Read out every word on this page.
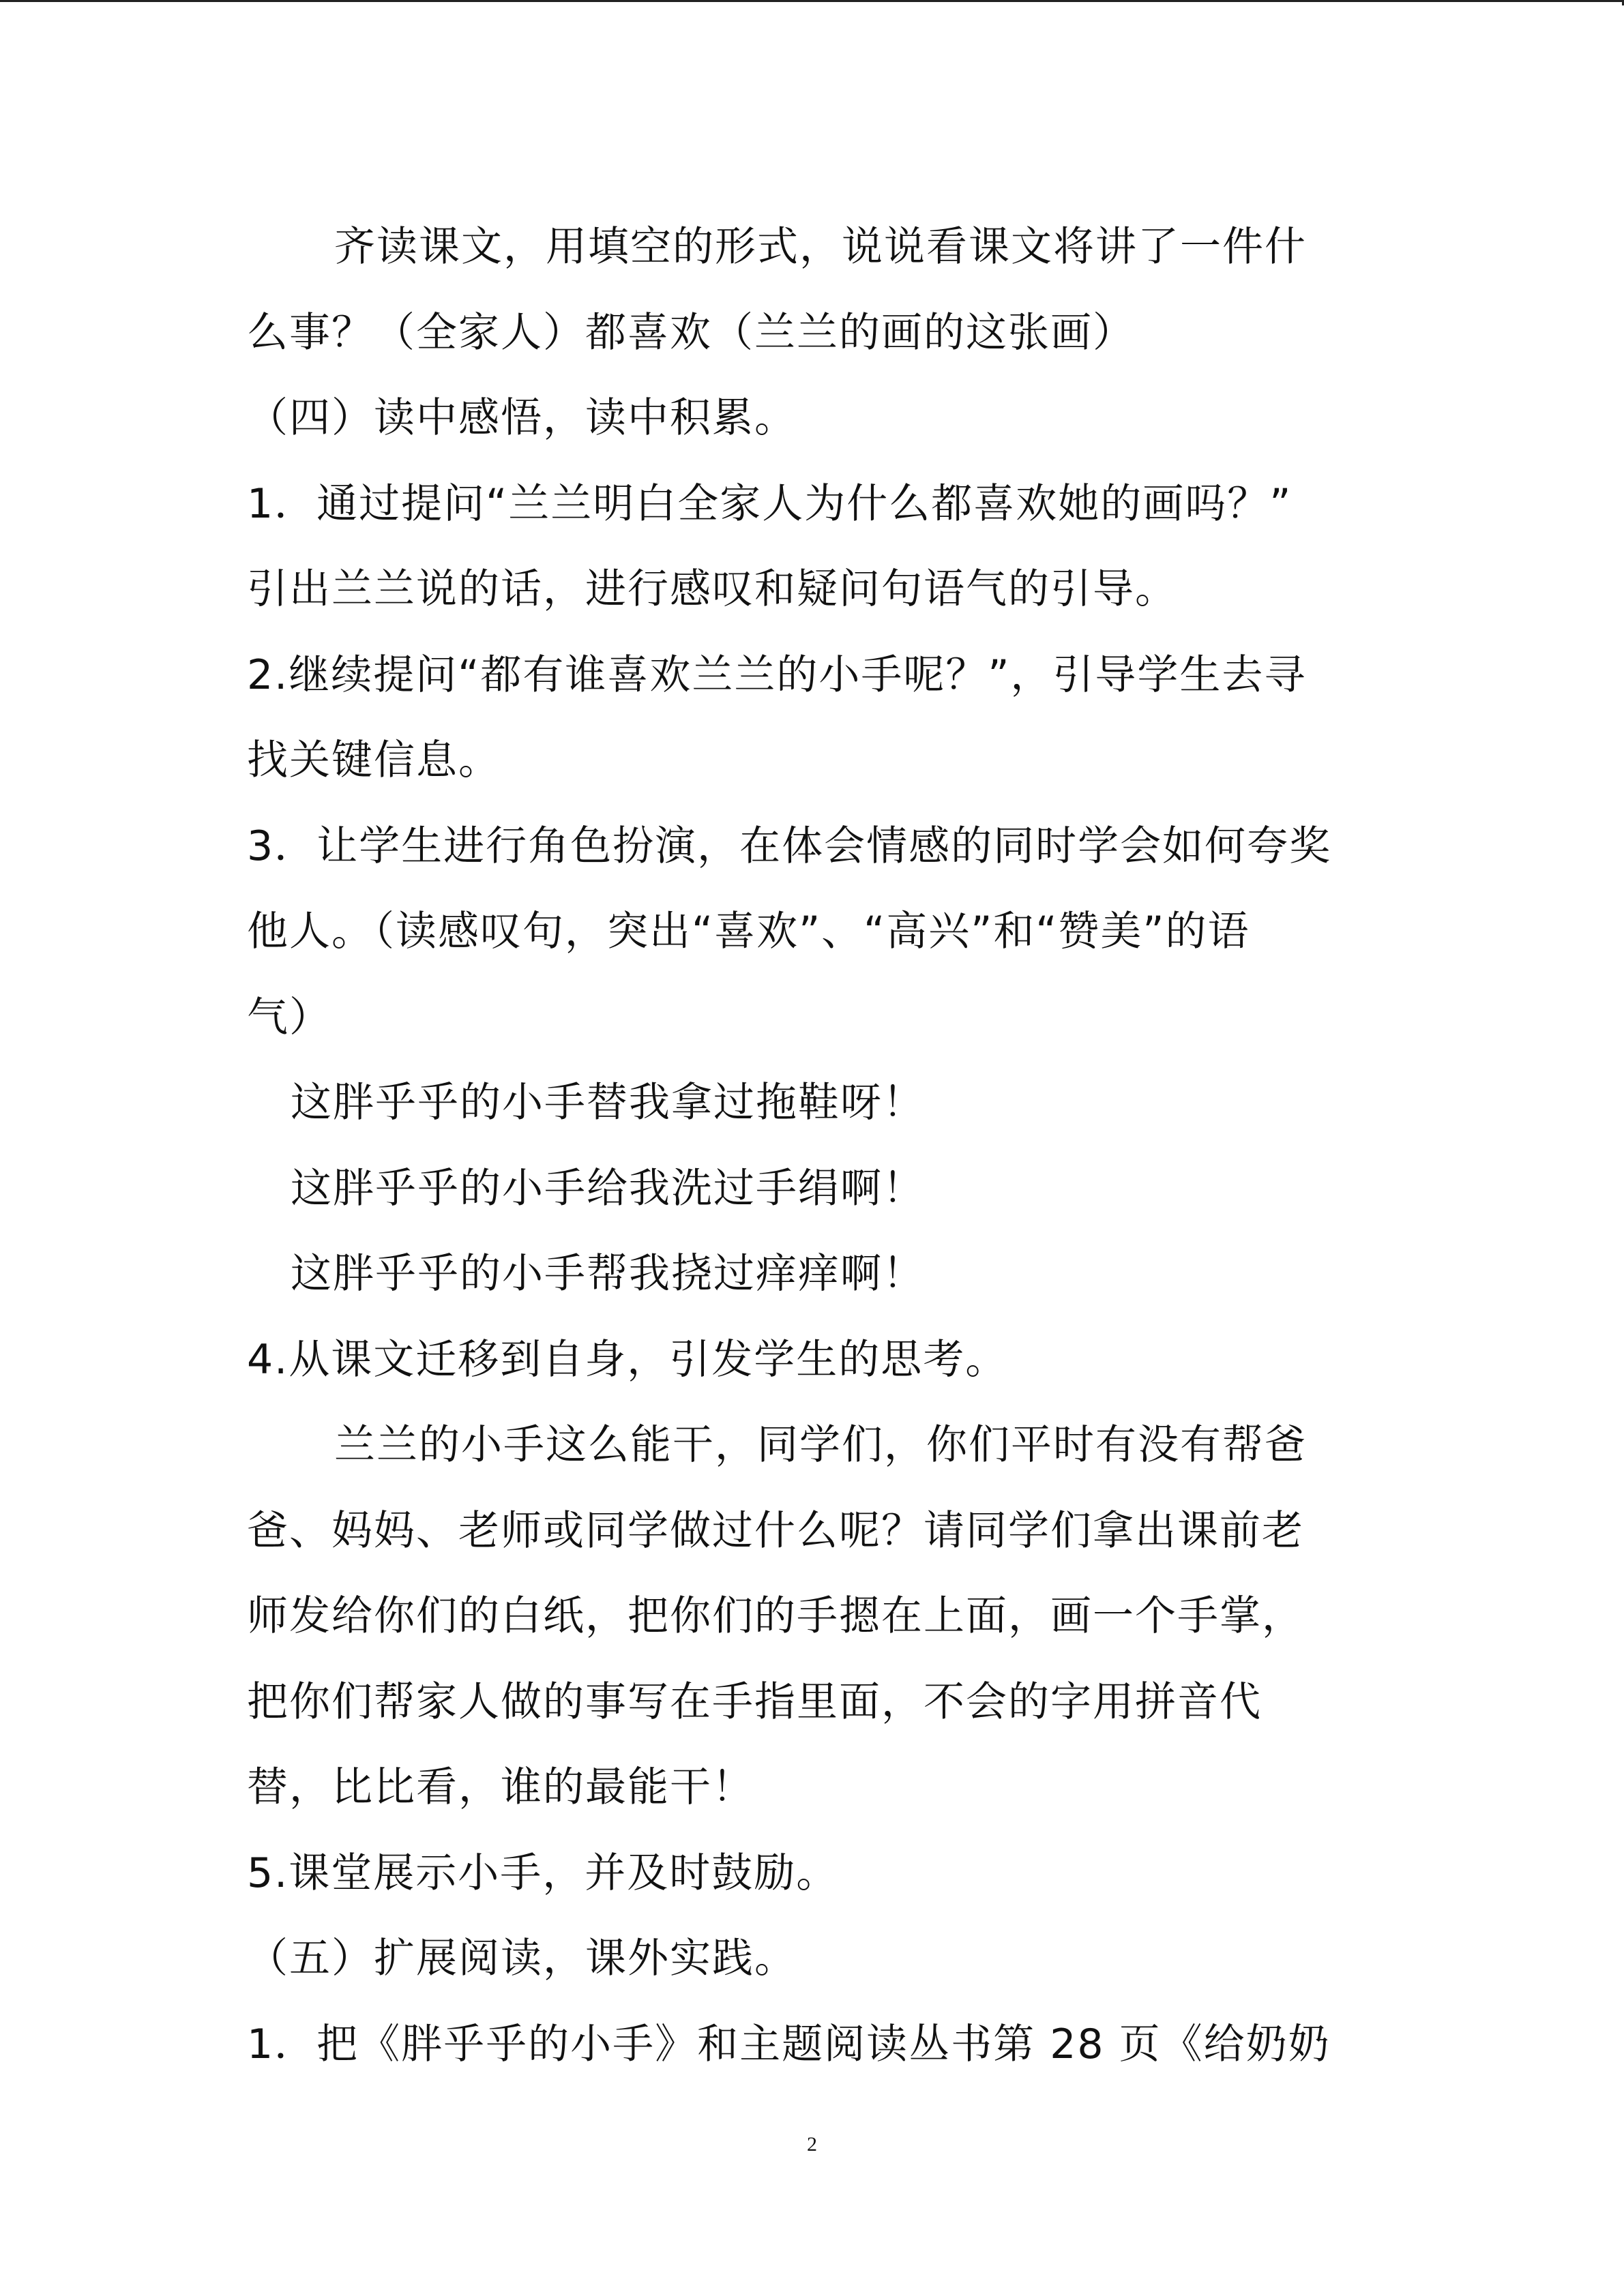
齐读课文，用填空的形式，说说看课文将讲了一件什
么事？（全家人）都喜欢（兰兰的画的这张画）
（四）读中感悟，读中积累。
1．通过提问“兰兰明白全家人为什么都喜欢她的画吗？”
引出兰兰说的话，进行感叹和疑问句语气的引导。
2.继续提问“都有谁喜欢兰兰的小手呢？”，引导学生去寻
找关键信息。
3．让学生进行角色扮演，在体会情感的同时学会如何夸奖
他人。（读感叹句，突出“喜欢”、“高兴”和“赞美”的语
气）
这胖乎乎的小手替我拿过拖鞋呀！
这胖乎乎的小手给我洗过手绢啊！
这胖乎乎的小手帮我挠过痒痒啊！
4.从课文迁移到自身，引发学生的思考。
兰兰的小手这么能干，同学们，你们平时有没有帮爸
爸、妈妈、老师或同学做过什么呢？请同学们拿出课前老
师发给你们的白纸，把你们的手摁在上面，画一个手掌，
把你们帮家人做的事写在手指里面，不会的字用拼音代
替，比比看，谁的最能干！
5.课堂展示小手，并及时鼓励。
（五）扩展阅读，课外实践。
1．把《胖乎乎的小手》和主题阅读丛书第 28 页《给奶奶
2
